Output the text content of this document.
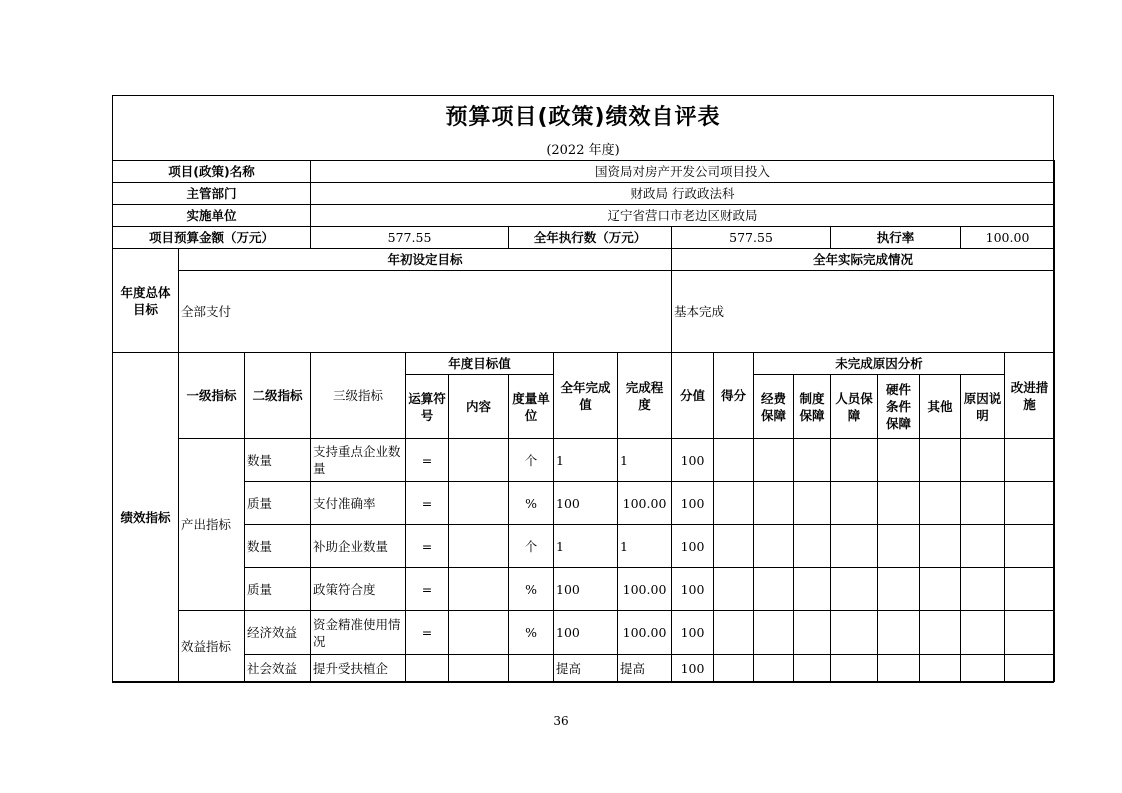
预算项目(政策)绩效自评表
(2022 年度)
项目(政策)名称			国资局对房产开发公司项目投入														
主管部门			财政局 行政政法科														
实施单位			辽宁省营口市老边区财政局														
项目预算金额（万元）			577.55			全年执行数（万元）			577.55				执行率			100.00	
年度总体目标	年初设定目标								全年实际完成情况								
	全部支付								基本完成								
绩效指标	一级指标	二级指标	三级指标	年度目标值			全年完成值	完成程度	分值	得分	未完成原因分析						改进措施
				运算符号	内容	度量单位					经费保障	制度保障	人员保障	硬件条件保障	其他	原因说明	
	产出指标	数量	支持重点企业数量	=		个	1	1	100								
		质量	支付准确率	=		%	100	100.00	100								
		数量	补助企业数量	=		个	1	1	100								
		质量	政策符合度	=		%	100	100.00	100								
	效益指标	经济效益	资金精准使用情况	=		%	100	100.00	100								
		社会效益	提升受扶植企				提高	提高	100								
36
